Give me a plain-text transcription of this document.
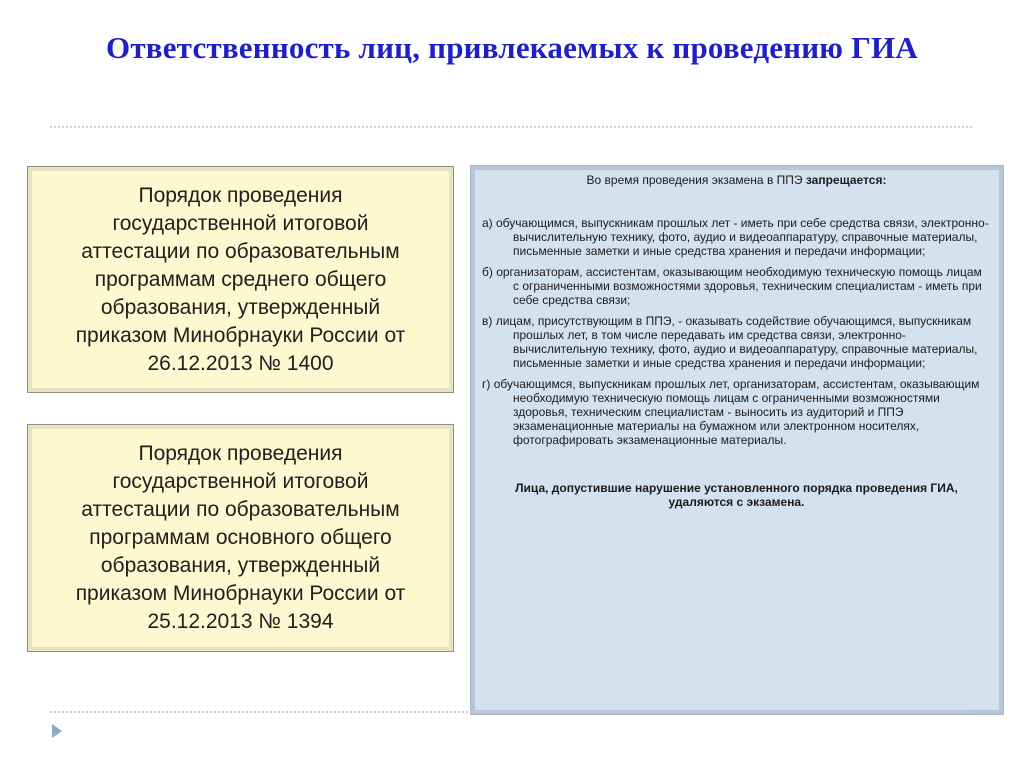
Ответственность лиц, привлекаемых к проведению ГИА
Порядок проведения
государственной итоговой
аттестации по образовательным
программам среднего общего
образования, утвержденный
приказом Минобрнауки России от
26.12.2013 № 1400
Порядок проведения
государственной итоговой
аттестации по образовательным
программам основного общего
образования, утвержденный
приказом Минобрнауки России от
25.12.2013 № 1394
Во время проведения экзамена в ППЭ запрещается:
а) обучающимся, выпускникам прошлых лет - иметь при себе средства связи, электронно-вычислительную технику, фото, аудио и видеоаппаратуру, справочные материалы, письменные заметки и иные средства хранения и передачи информации;
б) организаторам, ассистентам, оказывающим необходимую техническую помощь лицам с ограниченными возможностями здоровья, техническим специалистам - иметь при себе средства связи;
в) лицам, присутствующим в ППЭ, - оказывать содействие обучающимся, выпускникам прошлых лет, в том числе передавать им средства связи, электронно-вычислительную технику, фото, аудио и видеоаппаратуру, справочные материалы, письменные заметки и иные средства хранения и передачи информации;
г) обучающимся, выпускникам прошлых лет, организаторам, ассистентам, оказывающим необходимую техническую помощь лицам с ограниченными возможностями здоровья, техническим специалистам - выносить из аудиторий и ППЭ экзаменационные материалы на бумажном или электронном носителях, фотографировать экзаменационные материалы.
Лица, допустившие нарушение установленного порядка проведения ГИА, удаляются с экзамена.
